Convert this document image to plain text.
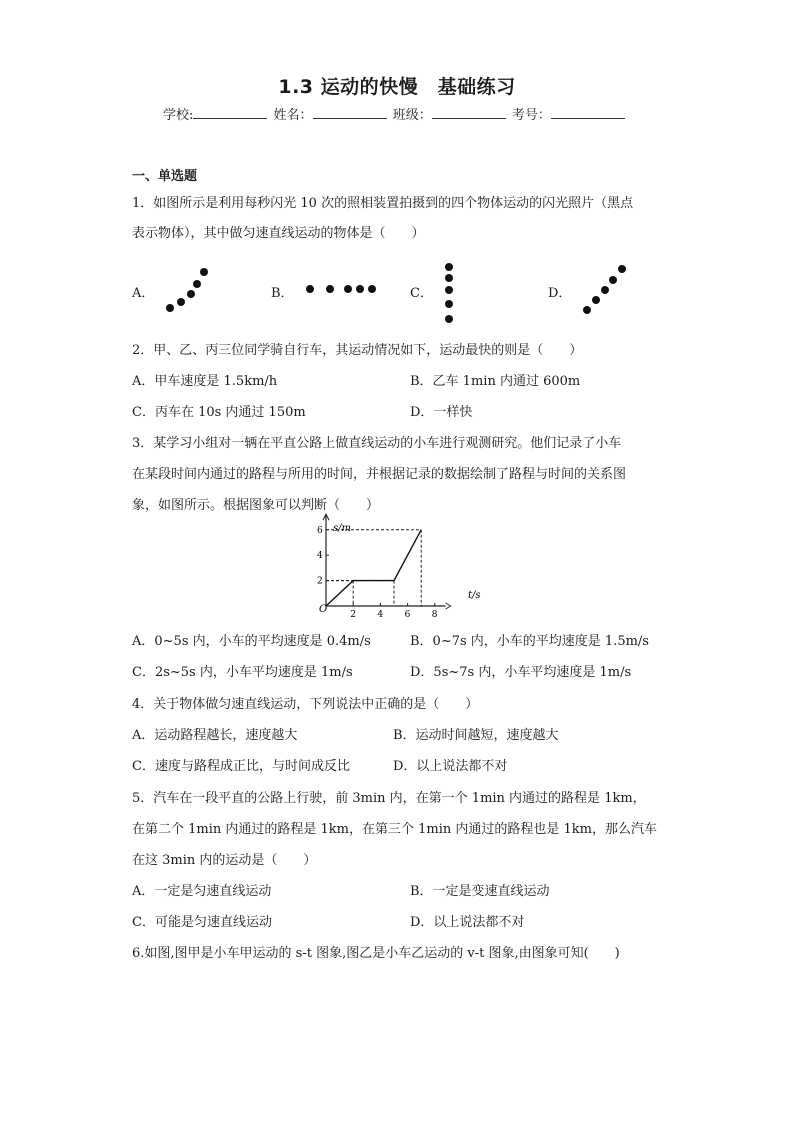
1.3 运动的快慢　基础练习
学校:	姓名：	班级：	考号：
一、单选题
1．如图所示是利用每秒闪光 10 次的照相装置拍摄到的四个物体运动的闪光照片（黑点
表示物体），其中做匀速直线运动的物体是（　　）
A．	B．	C．	D．
2．甲、乙、丙三位同学骑自行车，其运动情况如下，运动最快的则是（　　）
A．甲车速度是 1.5km/h	B．乙车 1min 内通过 600m
C．丙车在 10s 内通过 150m	D．一样快
3．某学习小组对一辆在平直公路上做直线运动的小车进行观测研究。他们记录了小车
在某段时间内通过的路程与所用的时间，并根据记录的数据绘制了路程与时间的关系图
象，如图所示。根据图象可以判断（　　）
2 4 6 8
2
4
6 s/m
t/s
O
A．0~5s 内，小车的平均速度是 0.4m/s	B．0~7s 内，小车的平均速度是 1.5m/s
C．2s~5s 内，小车平均速度是 1m/s	D．5s~7s 内，小车平均速度是 1m/s
4．关于物体做匀速直线运动，下列说法中正确的是（　　）
A．运动路程越长，速度越大	B．运动时间越短，速度越大
C．速度与路程成正比，与时间成反比	D．以上说法都不对
5．汽车在一段平直的公路上行驶，前 3min 内，在第一个 1min 内通过的路程是 1km，
在第二个 1min 内通过的路程是 1km，在第三个 1min 内通过的路程也是 1km，那么汽车
在这 3min 内的运动是（　　）
A．一定是匀速直线运动	B．一定是变速直线运动
C．可能是匀速直线运动	D．以上说法都不对
6.如图,图甲是小车甲运动的 s-t 图象,图乙是小车乙运动的 v-t 图象,由图象可知(　　)
